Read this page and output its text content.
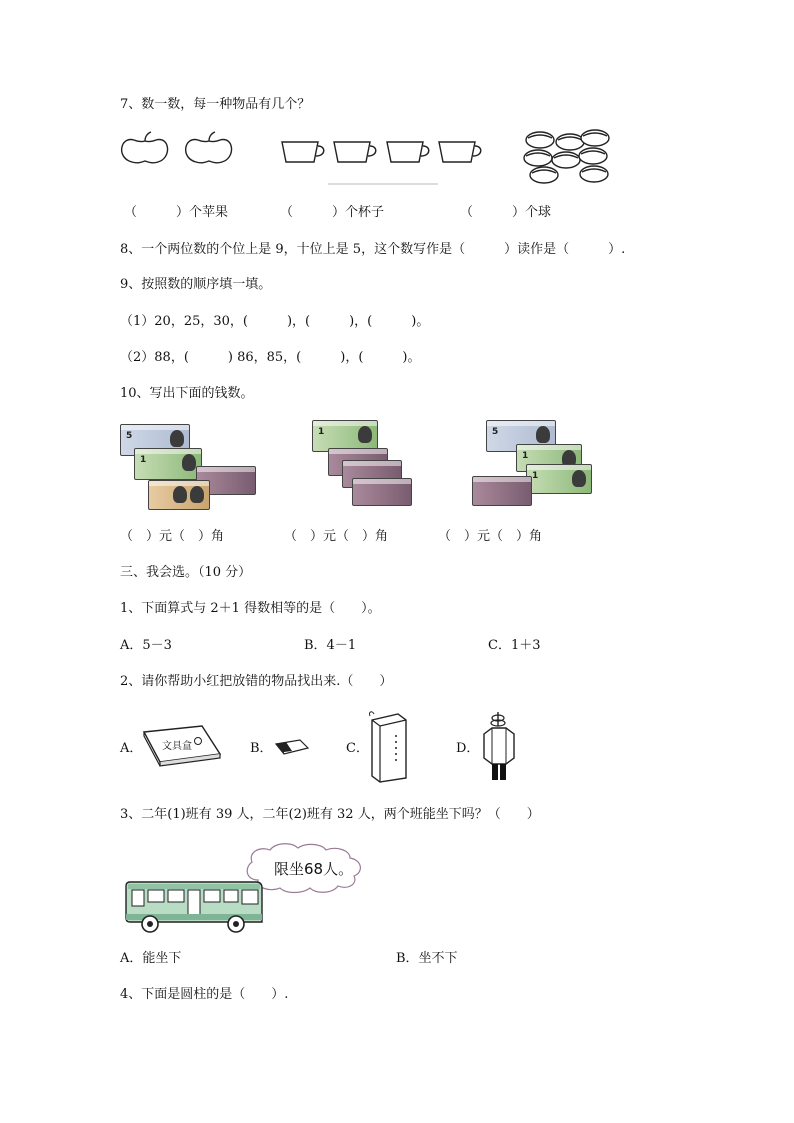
7、数一数，每一种物品有几个？
（　　　）个苹果	（　　　）个杯子	（　　　）个球
8、一个两位数的个位上是 9，十位上是 5，这个数写作是（　　　）读作是（　　　）.
9、按照数的顺序填一填。
（1）20，25，30，(　　　)，(　　　)，(　　　)。
（2）88，(　　　) 86，85，(　　　)，(　　　)。
10、写出下面的钱数。
5
1
1	5
1
1
（　）元（　）角	（　）元（　）角	（　）元（　）角
三、我会选。（10 分）
1、下面算式与 2＋1 得数相等的是（　　）。
A．5－3	B．4－1	C．1＋3
2、请你帮助小红把放错的物品找出来.（　　）
A． 文具盒	B．	C．	D．
3、二年(1)班有 39 人，二年(2)班有 32 人，两个班能坐下吗？（　　）
限坐68人。
A．能坐下	B．坐不下
4、下面是圆柱的是（　　）.
